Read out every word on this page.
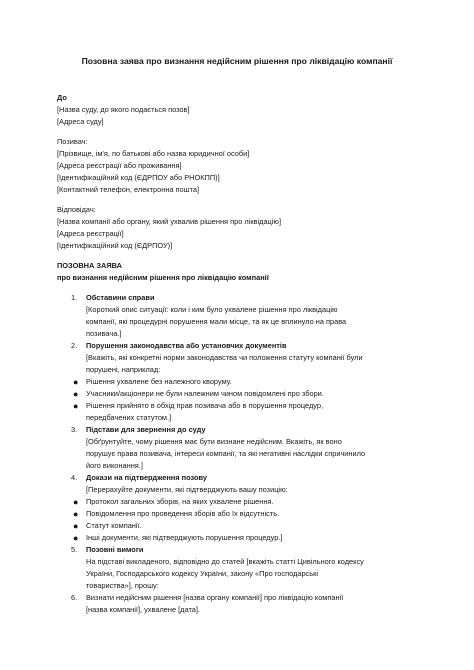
Позовна заява про визнання недійсним рішення про ліквідацію компанії
До
[Назва суду, до якого подається позов]
[Адреса суду]
Позивач:
[Прізвище, ім'я, по батькові або назва юридичної особи]
[Адреса реєстрації або проживання]
[Ідентифікаційний код (ЄДРПОУ або РНОКПП)]
[Контактний телефон, електронна пошта]
Відповідач:
[Назва компанії або органу, який ухвалив рішення про ліквідацію]
[Адреса реєстрації]
[Ідентифікаційний код (ЄДРПОУ)]
ПОЗОВНА ЗАЯВА
про визнання недійсним рішення про ліквідацію компанії
1. Обставини справи
[Короткий опис ситуації: коли і ким було ухвалене рішення про ліквідацію
компанії, які процедурні порушення мали місце, та як це вплинуло на права
позивача.]
2. Порушення законодавства або установчих документів
[Вкажіть, які конкретні норми законодавства чи положення статуту компанії були
порушені, наприклад:
● Рішення ухвалене без належного кворуму.
● Учасники/акціонери не були належним чином повідомлені про збори.
● Рішення прийнято в обхід прав позивача або в порушення процедур,
передбачених статутом.]
3. Підстави для звернення до суду
[Обґрунтуйте, чому рішення має бути визнане недійсним. Вкажіть, як воно
порушує права позивача, інтереси компанії, та які негативні наслідки спричинило
його виконання.]
4. Докази на підтвердження позову
[Перерахуйте документи, які підтверджують вашу позицію:
● Протокол загальних зборів, на яких ухвалене рішення.
● Повідомлення про проведення зборів або їх відсутність.
● Статут компанії.
● Інші документи, які підтверджують порушення процедур.]
5. Позовні вимоги
На підставі викладеного, відповідно до статей [вкажіть статті Цивільного кодексу
України, Господарського кодексу України, закону «Про господарські
товариства»], прошу:
6. Визнати недійсним рішення [назва органу компанії] про ліквідацію компанії
[назва компанії], ухвалене [дата].
